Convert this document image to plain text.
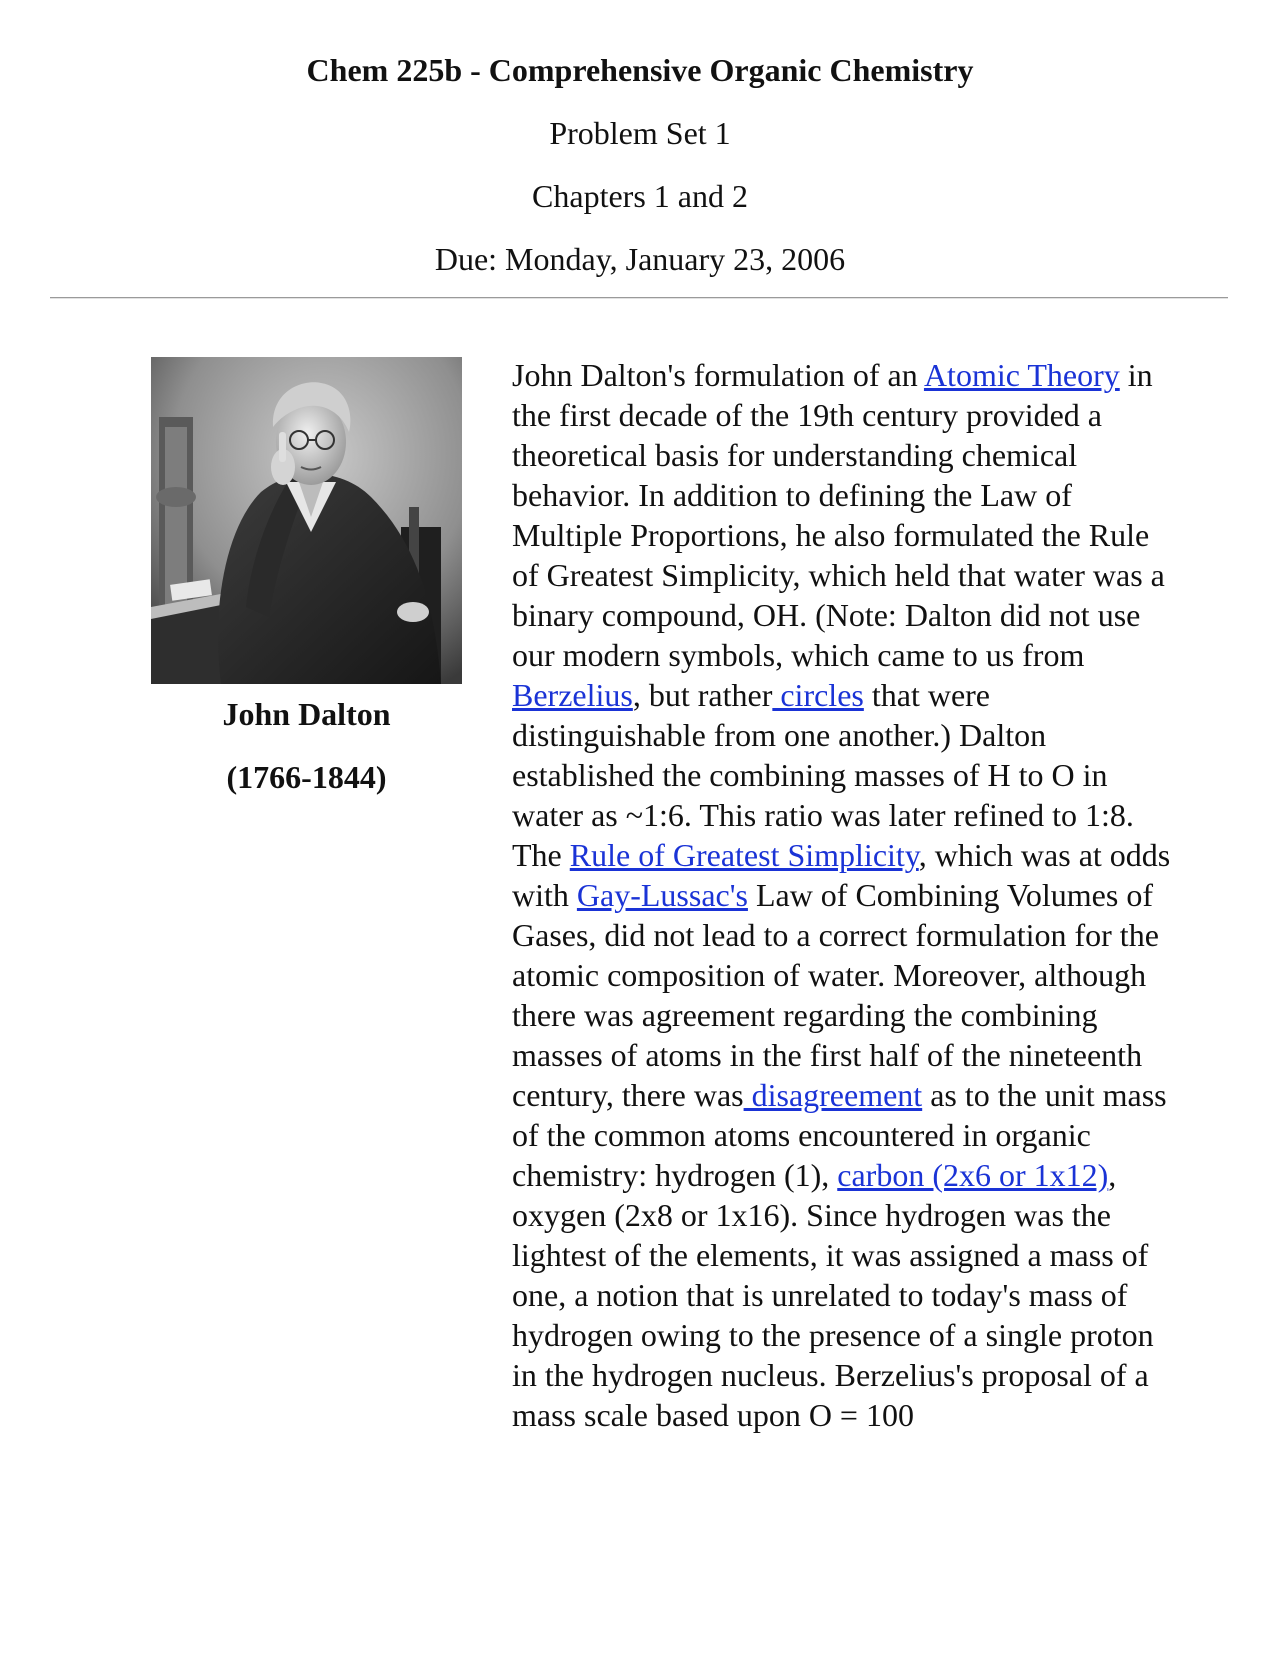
Chem 225b - Comprehensive Organic Chemistry

Problem Set 1

Chapters 1 and 2

Due: Monday, January 23, 2006

John Dalton

(1766-1844)

John Dalton's formulation of an Atomic Theory in the first decade of the 19th century provided a theoretical basis for understanding chemical behavior. In addition to defining the Law of Multiple Proportions, he also formulated the Rule of Greatest Simplicity, which held that water was a binary compound, OH. (Note: Dalton did not use our modern symbols, which came to us from Berzelius, but rather circles that were distinguishable from one another.) Dalton established the combining masses of H to O in water as ~1:6. This ratio was later refined to 1:8. The Rule of Greatest Simplicity, which was at odds with Gay-Lussac's Law of Combining Volumes of Gases, did not lead to a correct formulation for the atomic composition of water. Moreover, although there was agreement regarding the combining masses of atoms in the first half of the nineteenth century, there was disagreement as to the unit mass of the common atoms encountered in organic chemistry: hydrogen (1), carbon (2x6 or 1x12), oxygen (2x8 or 1x16). Since hydrogen was the lightest of the elements, it was assigned a mass of one, a notion that is unrelated to today's mass of hydrogen owing to the presence of a single proton in the hydrogen nucleus. Berzelius's proposal of a mass scale based upon O = 100
